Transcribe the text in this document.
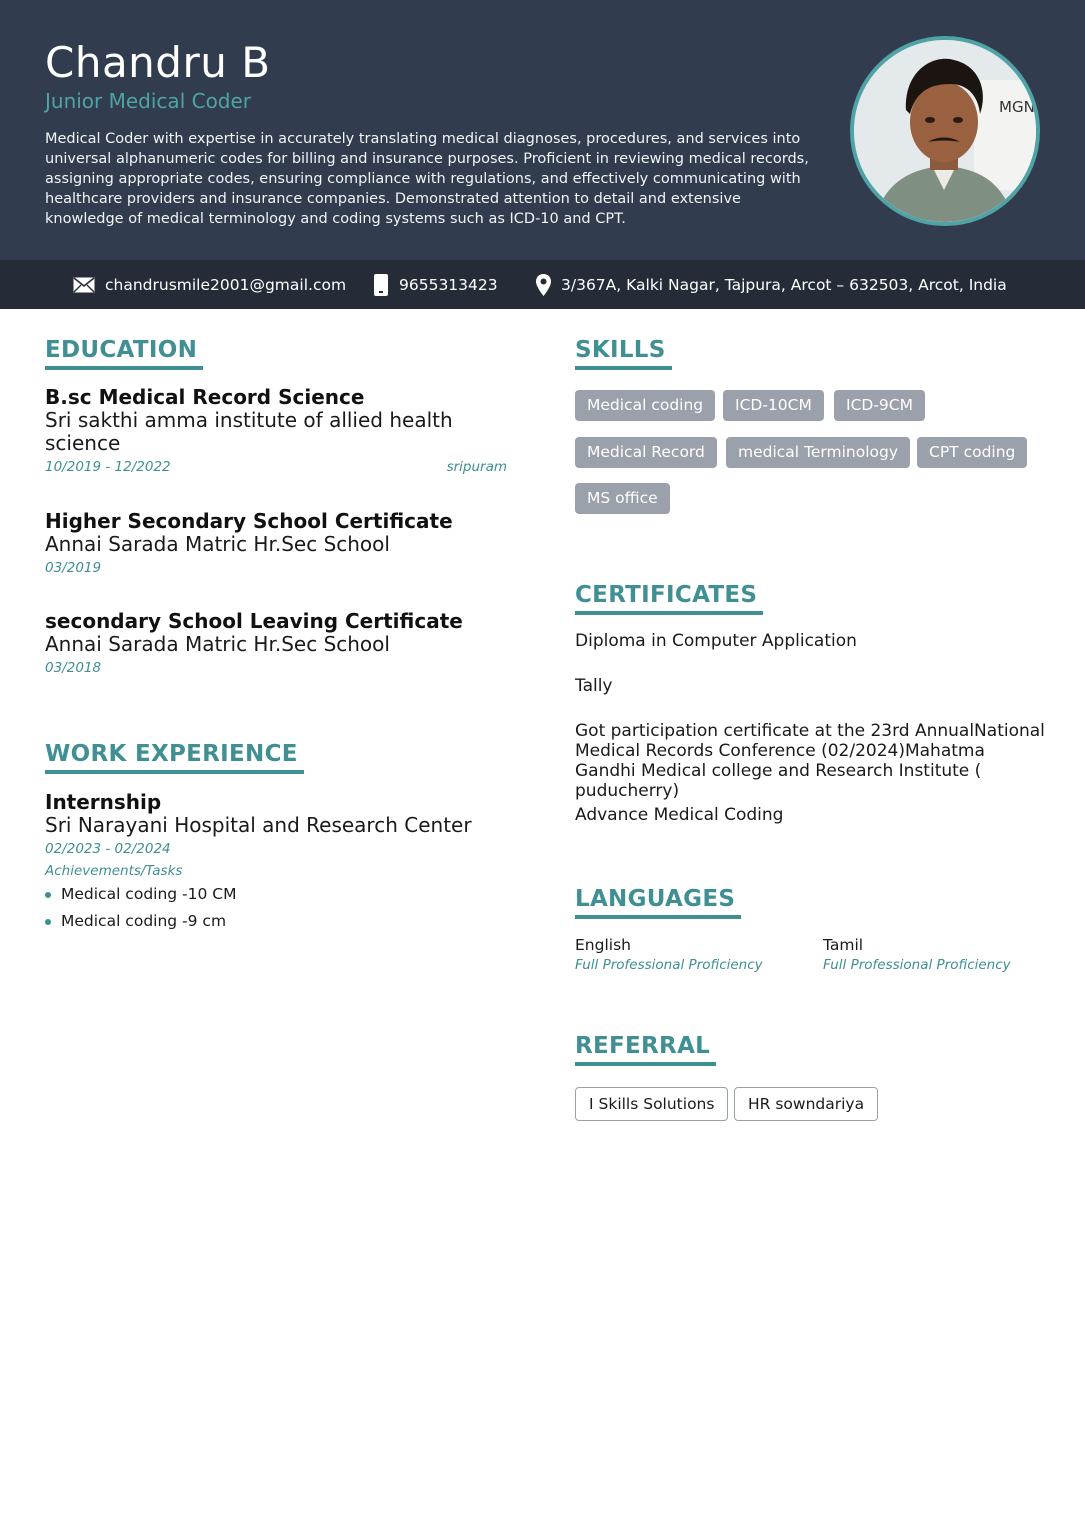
Chandru B
Junior Medical Coder

Medical Coder with expertise in accurately translating medical diagnoses, procedures, and services into universal alphanumeric codes for billing and insurance purposes. Proficient in reviewing medical records, assigning appropriate codes, ensuring compliance with regulations, and effectively communicating with healthcare providers and insurance companies. Demonstrated attention to detail and extensive knowledge of medical terminology and coding systems such as ICD-10 and CPT.

MGN
chandrusmile2001@gmail.com	9655313423	3/367A, Kalki Nagar, Tajpura, Arcot – 632503, Arcot, India
EDUCATION
B.sc Medical Record Science
Sri sakthi amma institute of allied health science
10/2019 - 12/2022	sripuram
Higher Secondary School Certificate
Annai Sarada Matric Hr.Sec School
03/2019
secondary School Leaving Certificate
Annai Sarada Matric Hr.Sec School
03/2018
WORK EXPERIENCE
Internship
Sri Narayani Hospital and Research Center
02/2023 - 02/2024
Achievements/Tasks
Medical coding -10 CM
Medical coding -9 cm
SKILLS
Medical coding	ICD-10CM	ICD-9CM
Medical Record	medical Terminology	CPT coding
MS office
CERTIFICATES
Diploma in Computer Application
Tally
Got participation certificate at the 23rd AnnualNational Medical Records Conference (02/2024)Mahatma Gandhi Medical college and Research Institute ( puducherry)
Advance Medical Coding
LANGUAGES
English
Full Professional Proficiency
Tamil
Full Professional Proficiency
REFERRAL
I Skills Solutions	HR sowndariya
